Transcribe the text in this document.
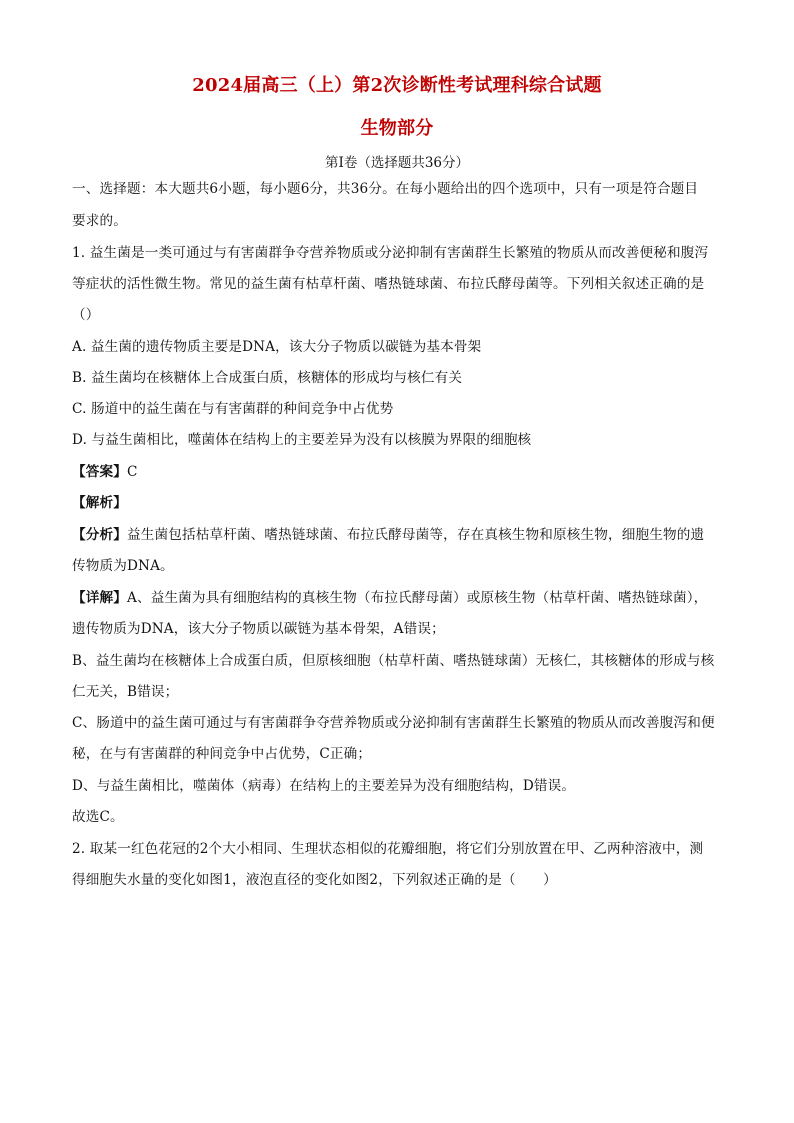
2024届高三（上）第2次诊断性考试理科综合试题
生物部分
第Ⅰ卷（选择题共36分）
一、选择题：本大题共6小题，每小题6分，共36分。在每小题给出的四个选项中，只有一项是符合题目
要求的。
1. 益生菌是一类可通过与有害菌群争夺营养物质或分泌抑制有害菌群生长繁殖的物质从而改善便秘和腹泻
等症状的活性微生物。常见的益生菌有枯草杆菌、嗜热链球菌、布拉氏酵母菌等。下列相关叙述正确的是
（）
A. 益生菌的遗传物质主要是DNA，该大分子物质以碳链为基本骨架
B. 益生菌均在核糖体上合成蛋白质，核糖体的形成均与核仁有关
C. 肠道中的益生菌在与有害菌群的种间竞争中占优势
D. 与益生菌相比，噬菌体在结构上的主要差异为没有以核膜为界限的细胞核
【答案】C
【解析】
【分析】益生菌包括枯草杆菌、嗜热链球菌、布拉氏酵母菌等，存在真核生物和原核生物，细胞生物的遗
传物质为DNA。
【详解】A、益生菌为具有细胞结构的真核生物（布拉氏酵母菌）或原核生物（枯草杆菌、嗜热链球菌），
遗传物质为DNA，该大分子物质以碳链为基本骨架，A错误；
B、益生菌均在核糖体上合成蛋白质，但原核细胞（枯草杆菌、嗜热链球菌）无核仁，其核糖体的形成与核
仁无关，B错误；
C、肠道中的益生菌可通过与有害菌群争夺营养物质或分泌抑制有害菌群生长繁殖的物质从而改善腹泻和便
秘，在与有害菌群的种间竞争中占优势，C正确；
D、与益生菌相比，噬菌体（病毒）在结构上的主要差异为没有细胞结构，D错误。
故选C。
2. 取某一红色花冠的2个大小相同、生理状态相似的花瓣细胞，将它们分别放置在甲、乙两种溶液中，测
得细胞失水量的变化如图1，液泡直径的变化如图2，下列叙述正确的是（　　）
